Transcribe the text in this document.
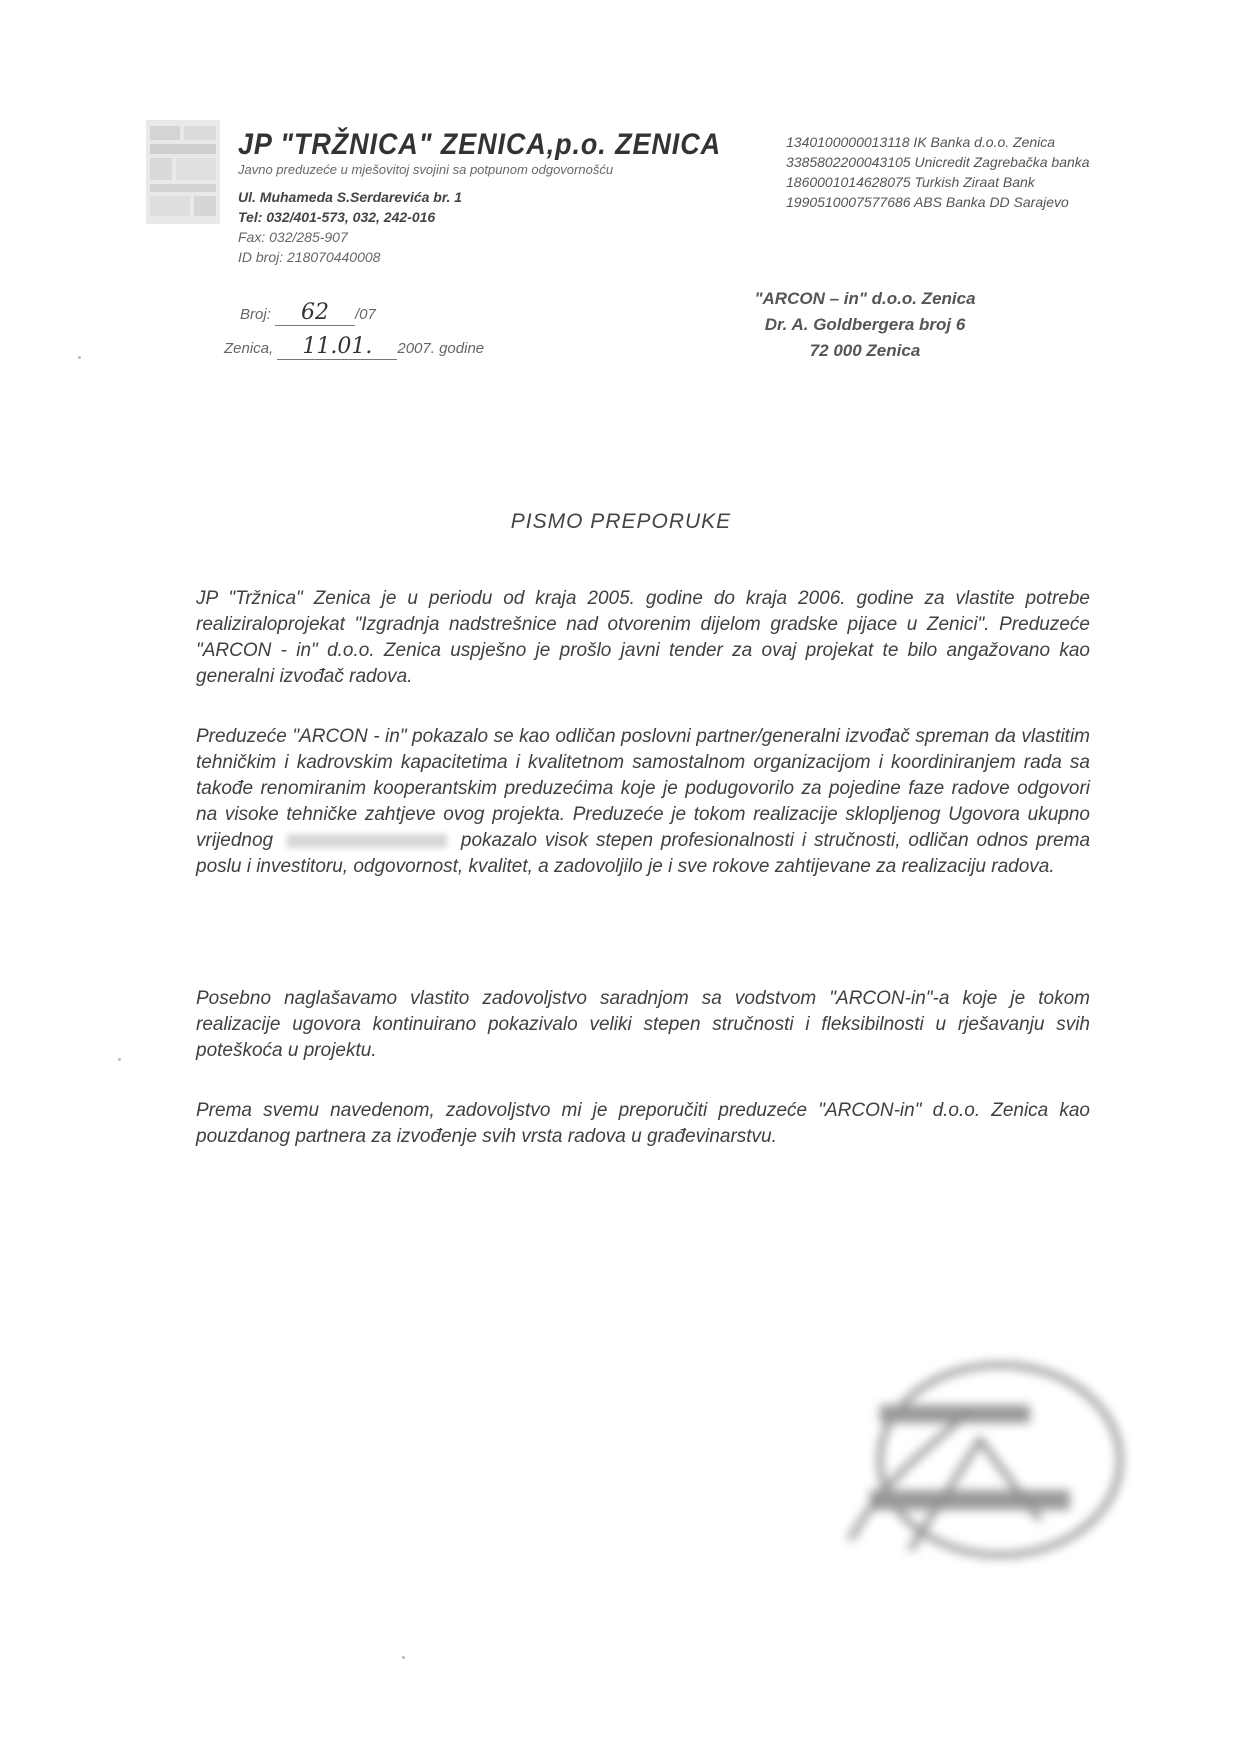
JP "TRŽNICA" ZENICA,p.o. ZENICA

Javno preduzeće u mješovitoj svojini sa potpunom odgovornošću

Ul. Muhameda S.Serdarevića br. 1

Tel: 032/401-573, 032, 242-016

Fax: 032/285-907

ID broj: 218070440008

1340100000013118 IK Banka d.o.o. Zenica
3385802200043105 Unicredit Zagrebačka banka
1860001014628075 Turkish Ziraat Bank
1990510007577686 ABS Banka DD Sarajevo
Broj: 62 /07
Zenica, 11.01. 2007. godine
"ARCON – in" d.o.o. Zenica
Dr. A. Goldbergera broj 6
72 000 Zenica
PISMO PREPORUKE

JP "Tržnica" Zenica je u periodu od kraja 2005. godine do kraja 2006. godine za vlastite potrebe realiziraloprojekat "Izgradnja nadstrešnice nad otvorenim dijelom gradske pijace u Zenici". Preduzeće "ARCON - in" d.o.o. Zenica uspješno je prošlo javni tender za ovaj projekat te bilo angažovano kao generalni izvođač radova.

Preduzeće "ARCON - in" pokazalo se kao odličan poslovni partner/generalni izvođač spreman da vlastitim tehničkim i kadrovskim kapacitetima i kvalitetnom samostalnom organizacijom i koordiniranjem rada sa takođe renomiranim kooperantskim preduzećima koje je podugovorilo za pojedine faze radove odgovori na visoke tehničke zahtjeve ovog projekta. Preduzeće je tokom realizacije sklopljenog Ugovora ukupno vrijednog	pokazalo visok stepen profesionalnosti i stručnosti, odličan odnos prema poslu i investitoru, odgovornost, kvalitet, a zadovoljilo je i sve rokove zahtijevane za realizaciju radova.

Posebno naglašavamo vlastito zadovoljstvo saradnjom sa vodstvom "ARCON-in"-a koje je tokom realizacije ugovora kontinuirano pokazivalo veliki stepen stručnosti i fleksibilnosti u rješavanju svih poteškoća u projektu.

Prema svemu navedenom, zadovoljstvo mi je preporučiti preduzeće "ARCON-in" d.o.o. Zenica kao pouzdanog partnera za izvođenje svih vrsta radova u građevinarstvu.
